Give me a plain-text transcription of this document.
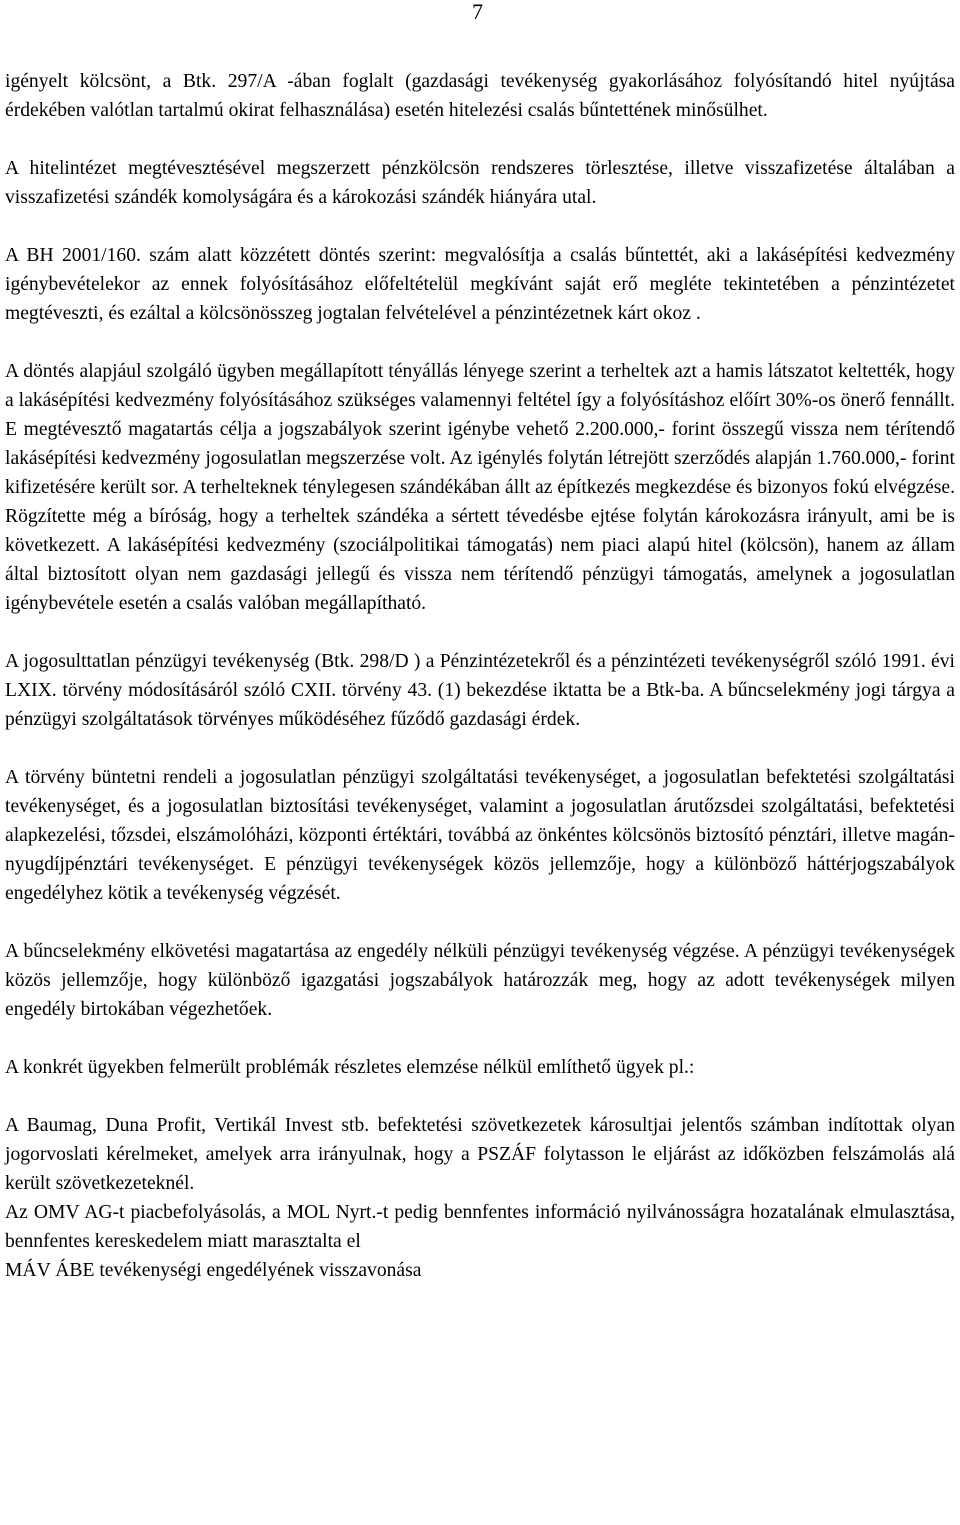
7

igényelt kölcsönt, a Btk. 297/A -ában foglalt (gazdasági tevékenység gyakorlásához folyósítandó hitel nyújtása érdekében valótlan tartalmú okirat felhasználása) esetén hitelezési csalás bűntettének minősülhet.

A hitelintézet megtévesztésével megszerzett pénzkölcsön rendszeres törlesztése, illetve visszafizetése általában a visszafizetési szándék komolyságára és a károkozási szándék hiányára utal.

A BH 2001/160. szám alatt közzétett döntés szerint: megvalósítja a csalás bűntettét, aki a lakásépítési kedvezmény igénybevételekor az ennek folyósításához előfeltételül megkívánt saját erő megléte tekintetében a pénzintézetet megtéveszti, és ezáltal a kölcsönösszeg jogtalan felvételével a pénzintézetnek kárt okoz .

A döntés alapjául szolgáló ügyben megállapított tényállás lényege szerint a terheltek azt a hamis látszatot keltették, hogy a lakásépítési kedvezmény folyósításához szükséges valamennyi feltétel így a folyósításhoz előírt 30%-os önerő fennállt. E megtévesztő magatartás célja a jogszabályok szerint igénybe vehető 2.200.000,- forint összegű vissza nem térítendő lakásépítési kedvezmény jogosulatlan megszerzése volt. Az igénylés folytán létrejött szerződés alapján 1.760.000,- forint kifizetésére került sor. A terhelteknek ténylegesen szándékában állt az építkezés megkezdése és bizonyos fokú elvégzése. Rögzítette még a bíróság, hogy a terheltek szándéka a sértett tévedésbe ejtése folytán károkozásra irányult, ami be is következett. A lakásépítési kedvezmény (szociálpolitikai támogatás) nem piaci alapú hitel (kölcsön), hanem az állam által biztosított olyan nem gazdasági jellegű és vissza nem térítendő pénzügyi támogatás, amelynek a jogosulatlan igénybevétele esetén a csalás valóban megállapítható.

A jogosulttatlan pénzügyi tevékenység (Btk. 298/D ) a Pénzintézetekről és a pénzintézeti tevékenységről szóló 1991. évi LXIX. törvény módosításáról szóló CXII. törvény 43. (1) bekezdése iktatta be a Btk-ba. A bűncselekmény jogi tárgya a pénzügyi szolgáltatások törvényes működéséhez fűződő gazdasági érdek.

A törvény büntetni rendeli a jogosulatlan pénzügyi szolgáltatási tevékenységet, a jogosulatlan befektetési szolgáltatási tevékenységet, és a jogosulatlan biztosítási tevékenységet, valamint a jogosulatlan árutőzsdei szolgáltatási, befektetési alapkezelési, tőzsdei, elszámolóházi, központi értéktári, továbbá az önkéntes kölcsönös biztosító pénztári, illetve magán-nyugdíjpénztári tevékenységet. E pénzügyi tevékenységek közös jellemzője, hogy a különböző háttérjogszabályok engedélyhez kötik a tevékenység végzését.

A bűncselekmény elkövetési magatartása az engedély nélküli pénzügyi tevékenység végzése. A pénzügyi tevékenységek közös jellemzője, hogy különböző igazgatási jogszabályok határozzák meg, hogy az adott tevékenységek milyen engedély birtokában végezhetőek.

A konkrét ügyekben felmerült problémák részletes elemzése nélkül említhető ügyek pl.:

A Baumag, Duna Profit, Vertikál Invest stb. befektetési szövetkezetek károsultjai jelentős számban indítottak olyan jogorvoslati kérelmeket, amelyek arra irányulnak, hogy a PSZÁF folytasson le eljárást az időközben felszámolás alá került szövetkezeteknél.

Az OMV AG-t piacbefolyásolás, a MOL Nyrt.-t pedig bennfentes információ nyilvánosságra hozatalának elmulasztása, bennfentes kereskedelem miatt marasztalta el

MÁV ÁBE tevékenységi engedélyének visszavonása
